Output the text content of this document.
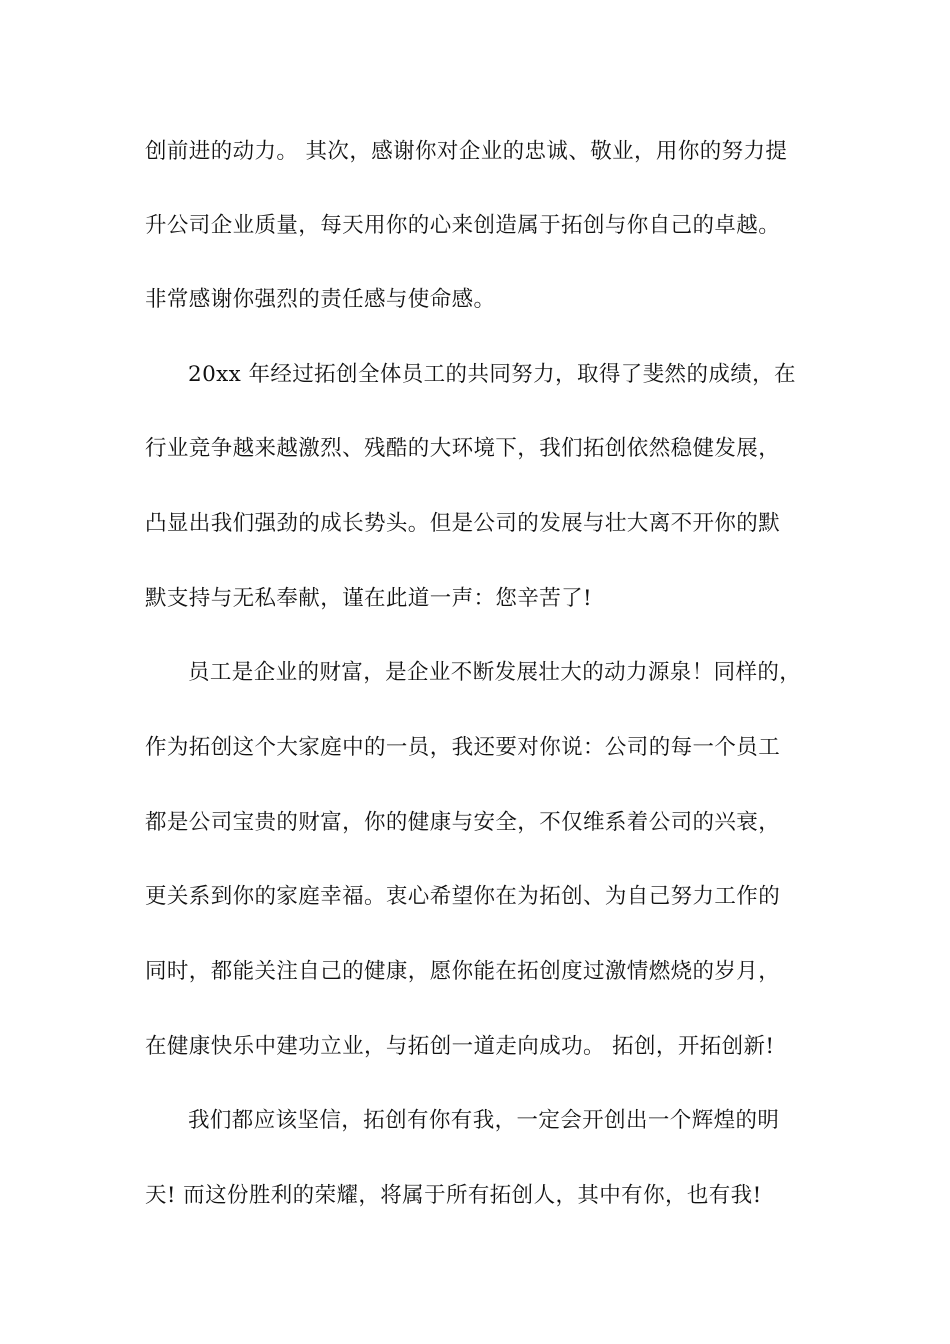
创前进的动力。 其次，感谢你对企业的忠诚、敬业，用你的努力提
升公司企业质量，每天用你的心来创造属于拓创与你自己的卓越。
非常感谢你强烈的责任感与使命感。
20xx 年经过拓创全体员工的共同努力，取得了斐然的成绩，在
行业竞争越来越激烈、残酷的大环境下，我们拓创依然稳健发展，
凸显出我们强劲的成长势头。但是公司的发展与壮大离不开你的默
默支持与无私奉献，谨在此道一声：您辛苦了!
员工是企业的财富，是企业不断发展壮大的动力源泉！同样的，
作为拓创这个大家庭中的一员，我还要对你说：公司的每一个员工
都是公司宝贵的财富，你的健康与安全，不仅维系着公司的兴衰，
更关系到你的家庭幸福。衷心希望你在为拓创、为自己努力工作的
同时，都能关注自己的健康，愿你能在拓创度过激情燃烧的岁月，
在健康快乐中建功立业，与拓创一道走向成功。 拓创，开拓创新!
我们都应该坚信，拓创有你有我，一定会开创出一个辉煌的明
天! 而这份胜利的荣耀，将属于所有拓创人，其中有你，也有我!
